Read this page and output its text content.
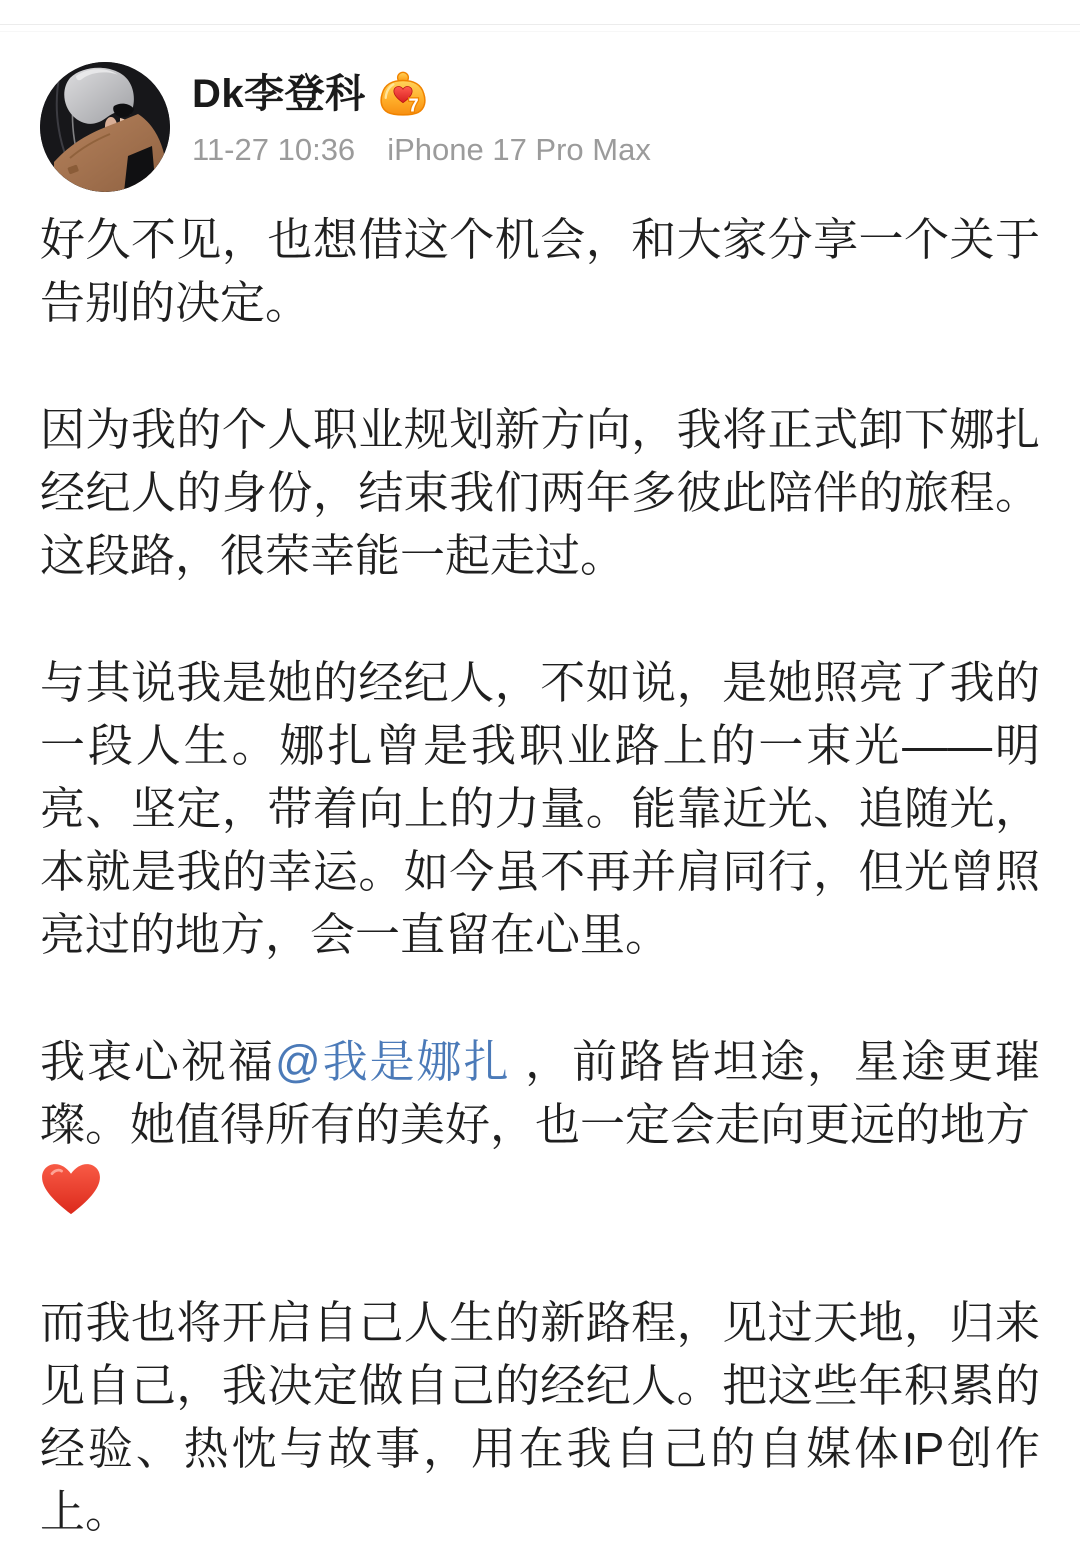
Dk李登科 7
11-27 10:36 iPhone 17 Pro Max
好久不见，也想借这个机会，和大家分享一个关于告别的决定。
因为我的个人职业规划新方向，我将正式卸下娜扎经纪人的身份，结束我们两年多彼此陪伴的旅程。这段路，很荣幸能一起走过。
与其说我是她的经纪人，不如说，是她照亮了我的一段人生。娜扎曾是我职业路上的一束光——明亮、坚定，带着向上的力量。能靠近光、追随光，本就是我的幸运。如今虽不再并肩同行，但光曾照亮过的地方，会一直留在心里。
我衷心祝福@我是娜扎 ，前路皆坦途，星途更璀璨。她值得所有的美好，也一定会走向更远的地方
而我也将开启自己人生的新路程，见过天地，归来见自己，我决定做自己的经纪人。把这些年积累的经验、热忱与故事，用在我自己的自媒体IP创作上。
